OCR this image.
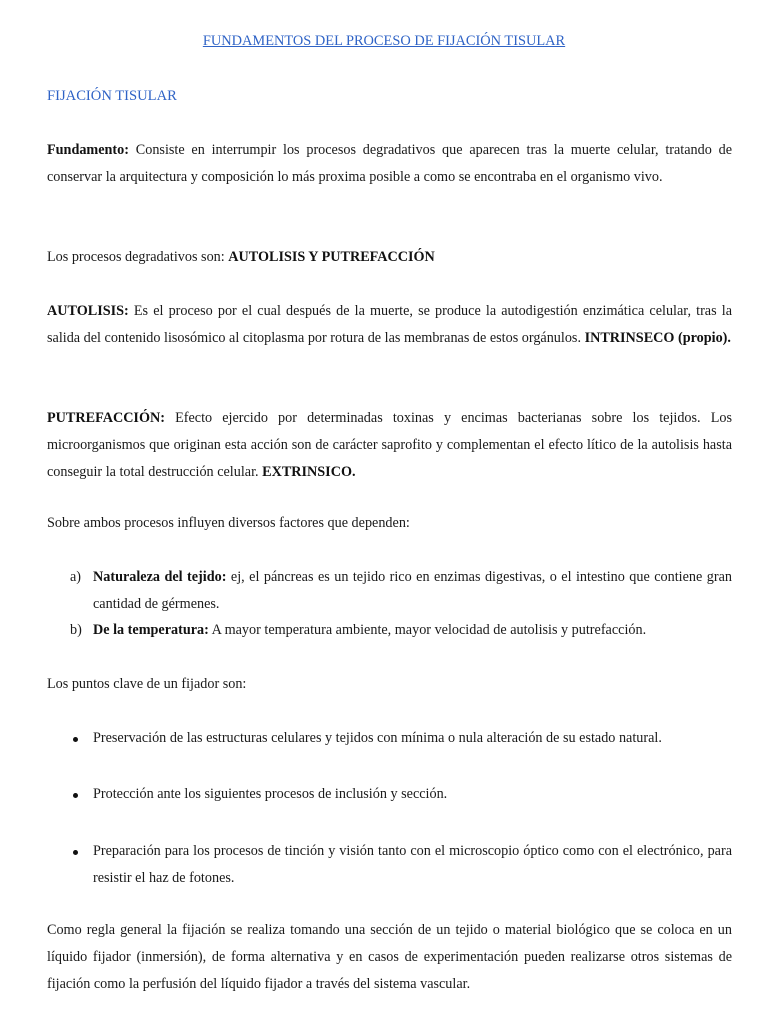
FUNDAMENTOS DEL PROCESO DE FIJACIÓN TISULAR

FIJACIÓN TISULAR

Fundamento: Consiste en interrumpir los procesos degradativos que aparecen tras la muerte celular, tratando de conservar la arquitectura y composición lo más proxima posible a como se encontraba en el organismo vivo.

Los procesos degradativos son: AUTOLISIS Y PUTREFACCIÓN

AUTOLISIS: Es el proceso por el cual después de la muerte, se produce la autodigestión enzimática celular, tras la salida del contenido lisosómico al citoplasma por rotura de las membranas de estos orgánulos. INTRINSECO (propio).

PUTREFACCIÓN: Efecto ejercido por determinadas toxinas y encimas bacterianas sobre los tejidos. Los microorganismos que originan esta acción son de carácter saprofito y complementan el efecto lítico de la autolisis hasta conseguir la total destrucción celular. EXTRINSICO.

Sobre ambos procesos influyen diversos factores que dependen:

a) Naturaleza del tejido: ej, el páncreas es un tejido rico en enzimas digestivas, o el intestino que contiene gran cantidad de gérmenes.

b) De la temperatura: A mayor temperatura ambiente, mayor velocidad de autolisis y putrefacción.

Los puntos clave de un fijador son:

Preservación de las estructuras celulares y tejidos con mínima o nula alteración de su estado natural.

Protección ante los siguientes procesos de inclusión y sección.

Preparación para los procesos de tinción y visión tanto con el microscopio óptico como con el electrónico, para resistir el haz de fotones.

Como regla general la fijación se realiza tomando una sección de un tejido o material biológico que se coloca en un líquido fijador (inmersión), de forma alternativa y en casos de experimentación pueden realizarse otros sistemas de fijación como la perfusión del líquido fijador a través del sistema vascular.
